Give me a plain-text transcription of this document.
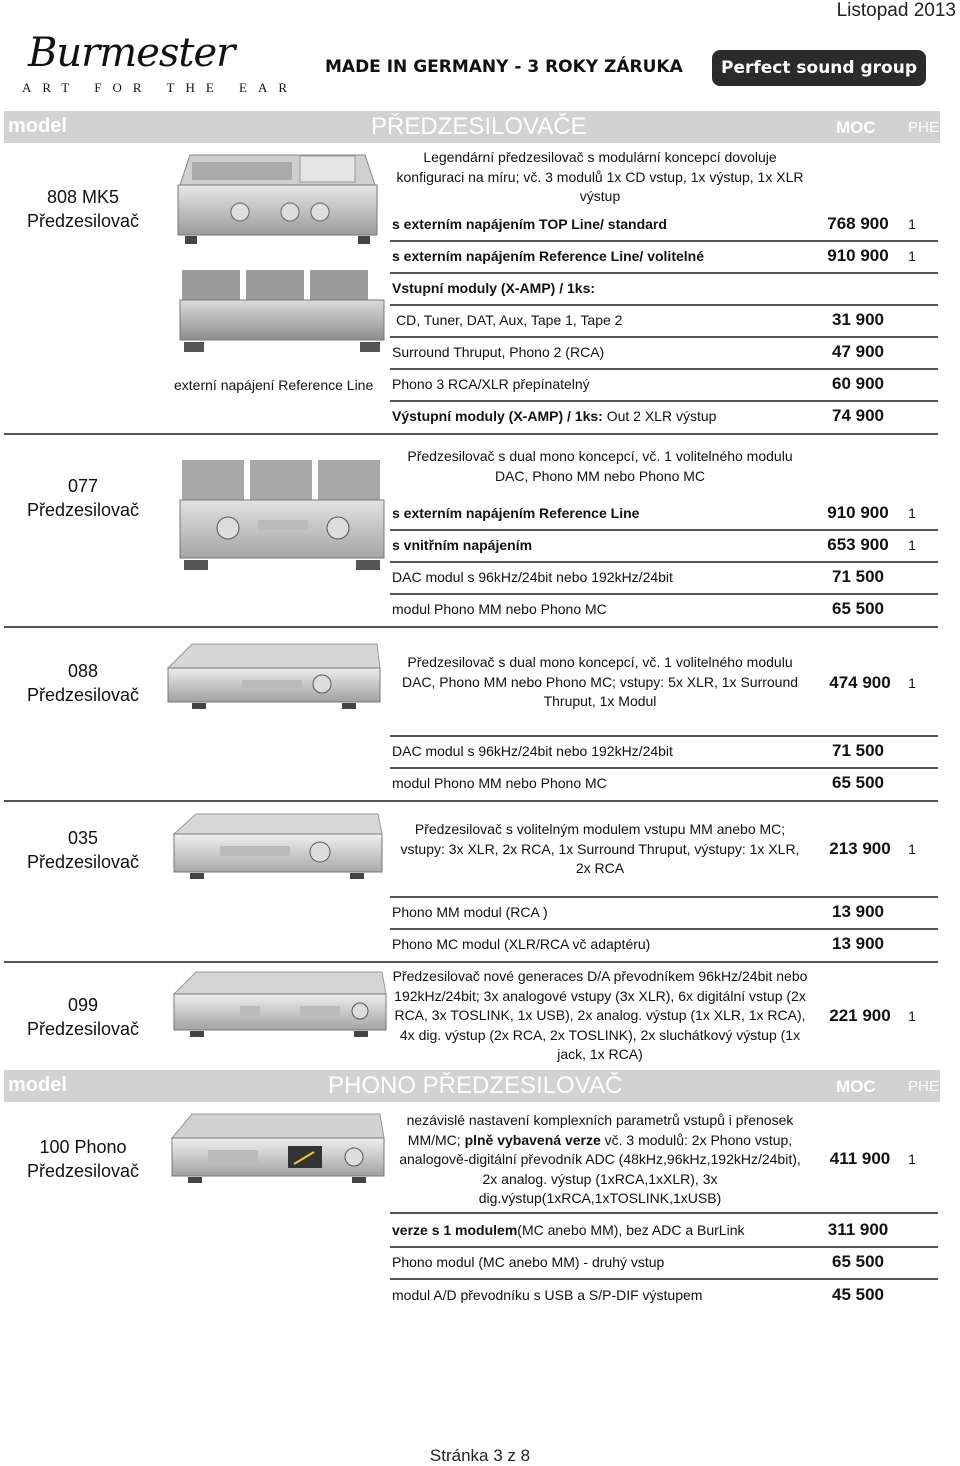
Listopad 2013
Burmester
ART FOR THE EAR
MADE IN GERMANY - 3 ROKY ZÁRUKA	Perfect sound group
model	PŘEDZESILOVAČE	MOC PHE
808 MK5
Předzesilovač
externí napájení Reference Line
Legendární předzesilovač s modulární koncepcí dovoluje konfiguraci na míru; vč. 3 modulů 1x CD vstup, 1x výstup, 1x XLR výstup
s externím napájením TOP Line/ standard	768 900	1
s externím napájením Reference Line/ volitelné	910 900	1
Vstupní moduly (X-AMP) / 1ks:
CD, Tuner, DAT, Aux, Tape 1, Tape 2	31 900
Surround Thruput, Phono 2 (RCA)	47 900
Phono 3 RCA/XLR přepínatelný	60 900
Výstupní moduly (X-AMP) / 1ks: Out 2 XLR výstup	74 900
077
Předzesilovač
Předzesilovač s dual mono koncepcí, vč. 1 volitelného modulu DAC, Phono MM nebo Phono MC
s externím napájením Reference Line	910 900	1
s vnitřním napájením	653 900	1
DAC modul s 96kHz/24bit nebo 192kHz/24bit	71 500
modul Phono MM nebo Phono MC	65 500
088
Předzesilovač
Předzesilovač s dual mono koncepcí, vč. 1 volitelného modulu DAC, Phono MM nebo Phono MC; vstupy: 5x XLR, 1x Surround Thruput, 1x Modul
474 900	1
DAC modul s 96kHz/24bit nebo 192kHz/24bit	71 500
modul Phono MM nebo Phono MC	65 500
035
Předzesilovač
Předzesilovač s volitelným modulem vstupu MM anebo MC; vstupy: 3x XLR, 2x RCA, 1x Surround Thruput, výstupy: 1x XLR, 2x RCA
213 900	1
Phono MM modul (RCA )	13 900
Phono MC modul (XLR/RCA vč adaptéru)	13 900
099
Předzesilovač
Předzesilovač nové generaces D/A převodníkem 96kHz/24bit nebo 192kHz/24bit; 3x analogové vstupy (3x XLR), 6x digitální vstup (2x RCA, 3x TOSLINK, 1x USB), 2x analog. výstup (1x XLR, 1x RCA), 4x dig. výstup (2x RCA, 2x TOSLINK), 2x sluchátkový výstup (1x jack, 1x RCA)
221 900	1
model	PHONO PŘEDZESILOVAČ	MOC PHE
100 Phono
Předzesilovač
nezávislé nastavení komplexních parametrů vstupů i přenosek MM/MC; plně vybavená verze vč. 3 modulů: 2x Phono vstup, analogově-digitální převodník ADC (48kHz,96kHz,192kHz/24bit), 2x analog. výstup (1xRCA,1xXLR), 3x dig.výstup(1xRCA,1xTOSLINK,1xUSB)
411 900	1
verze s 1 modulem(MC anebo MM), bez ADC a BurLink	311 900
Phono modul (MC anebo MM) - druhý vstup	65 500
modul A/D převodníku s USB a S/P-DIF výstupem	45 500
Stránka 3 z 8
